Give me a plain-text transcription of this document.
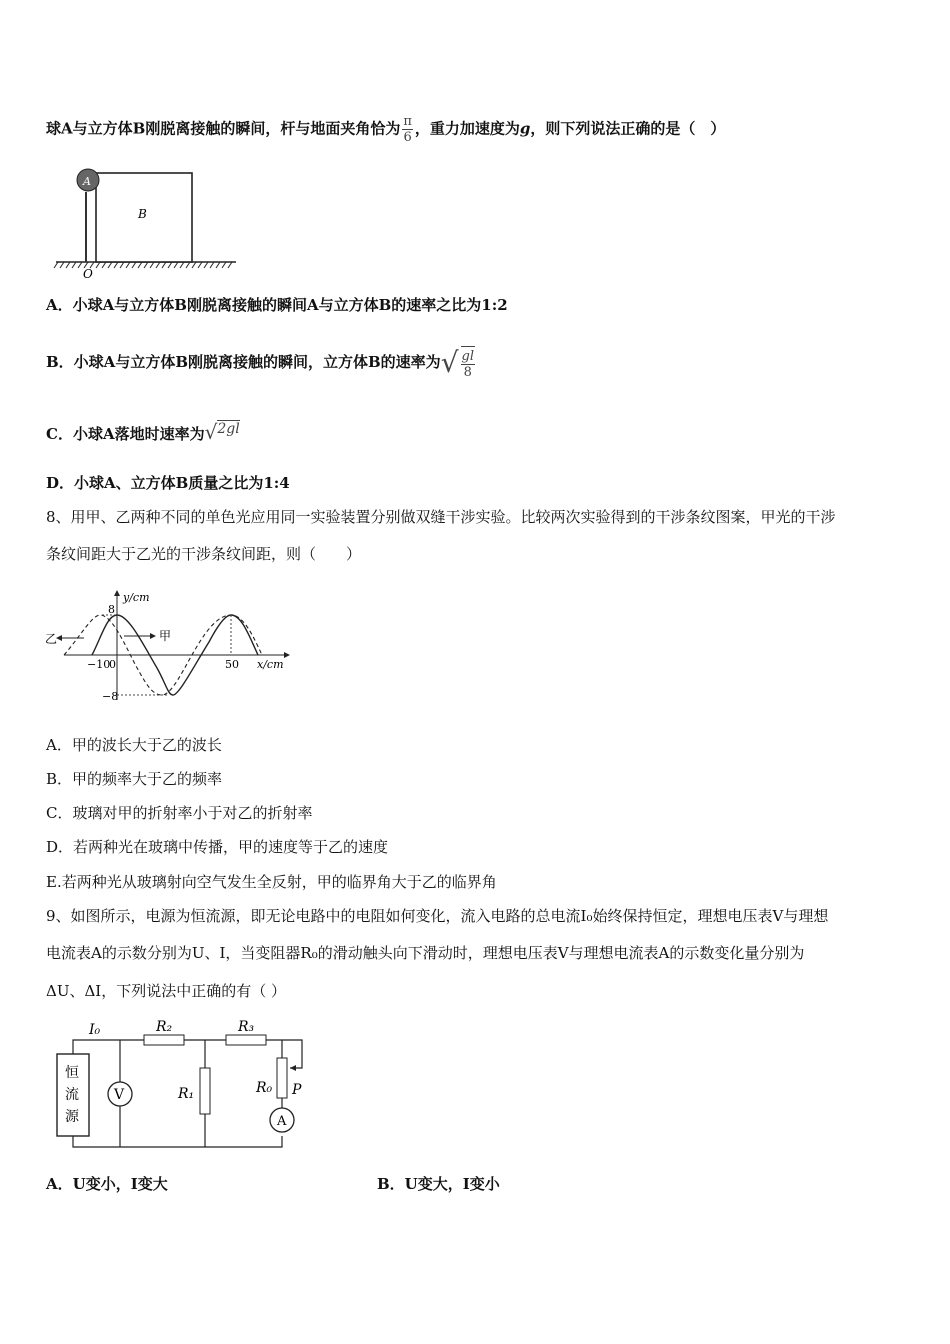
球A与立方体B刚脱离接触的瞬间，杆与地面夹角恰为 $\frac{\pi}{6}$ ，重力加速度为g，则下列说法正确的是（　）
A
B
O
A．小球A与立方体B刚脱离接触的瞬间A与立方体B的速率之比为1:2
B．小球A与立方体B刚脱离接触的瞬间，立方体B的速率为√ $\frac{gl}{8}$
C．小球A落地时速率为√2gl
D．小球A、立方体B质量之比为1:4
8、用甲、乙两种不同的单色光应用同一实验装置分别做双缝干涉实验。比较两次实验得到的干涉条纹图案，甲光的干涉
条纹间距大于乙光的干涉条纹间距，则（　　）
甲
乙
y/cm
x/cm
8
−8
−10
0	50
A．甲的波长大于乙的波长
B．甲的频率大于乙的频率
C．玻璃对甲的折射率小于对乙的折射率
D．若两种光在玻璃中传播，甲的速度等于乙的速度
E.若两种光从玻璃射向空气发生全反射，甲的临界角大于乙的临界角
9、如图所示，电源为恒流源，即无论电路中的电阻如何变化，流入电路的总电流I₀始终保持恒定，理想电压表V与理想
电流表A的示数分别为U、I，当变阻器R₀的滑动触头向下滑动时，理想电压表V与理想电流表A的示数变化量分别为
ΔU、ΔI，下列说法中正确的有（ ）
恒
流
源
I₀	R₂	R₃
V	R₁	R₀ P
A
A．U变小，I变大	B．U变大，I变小
